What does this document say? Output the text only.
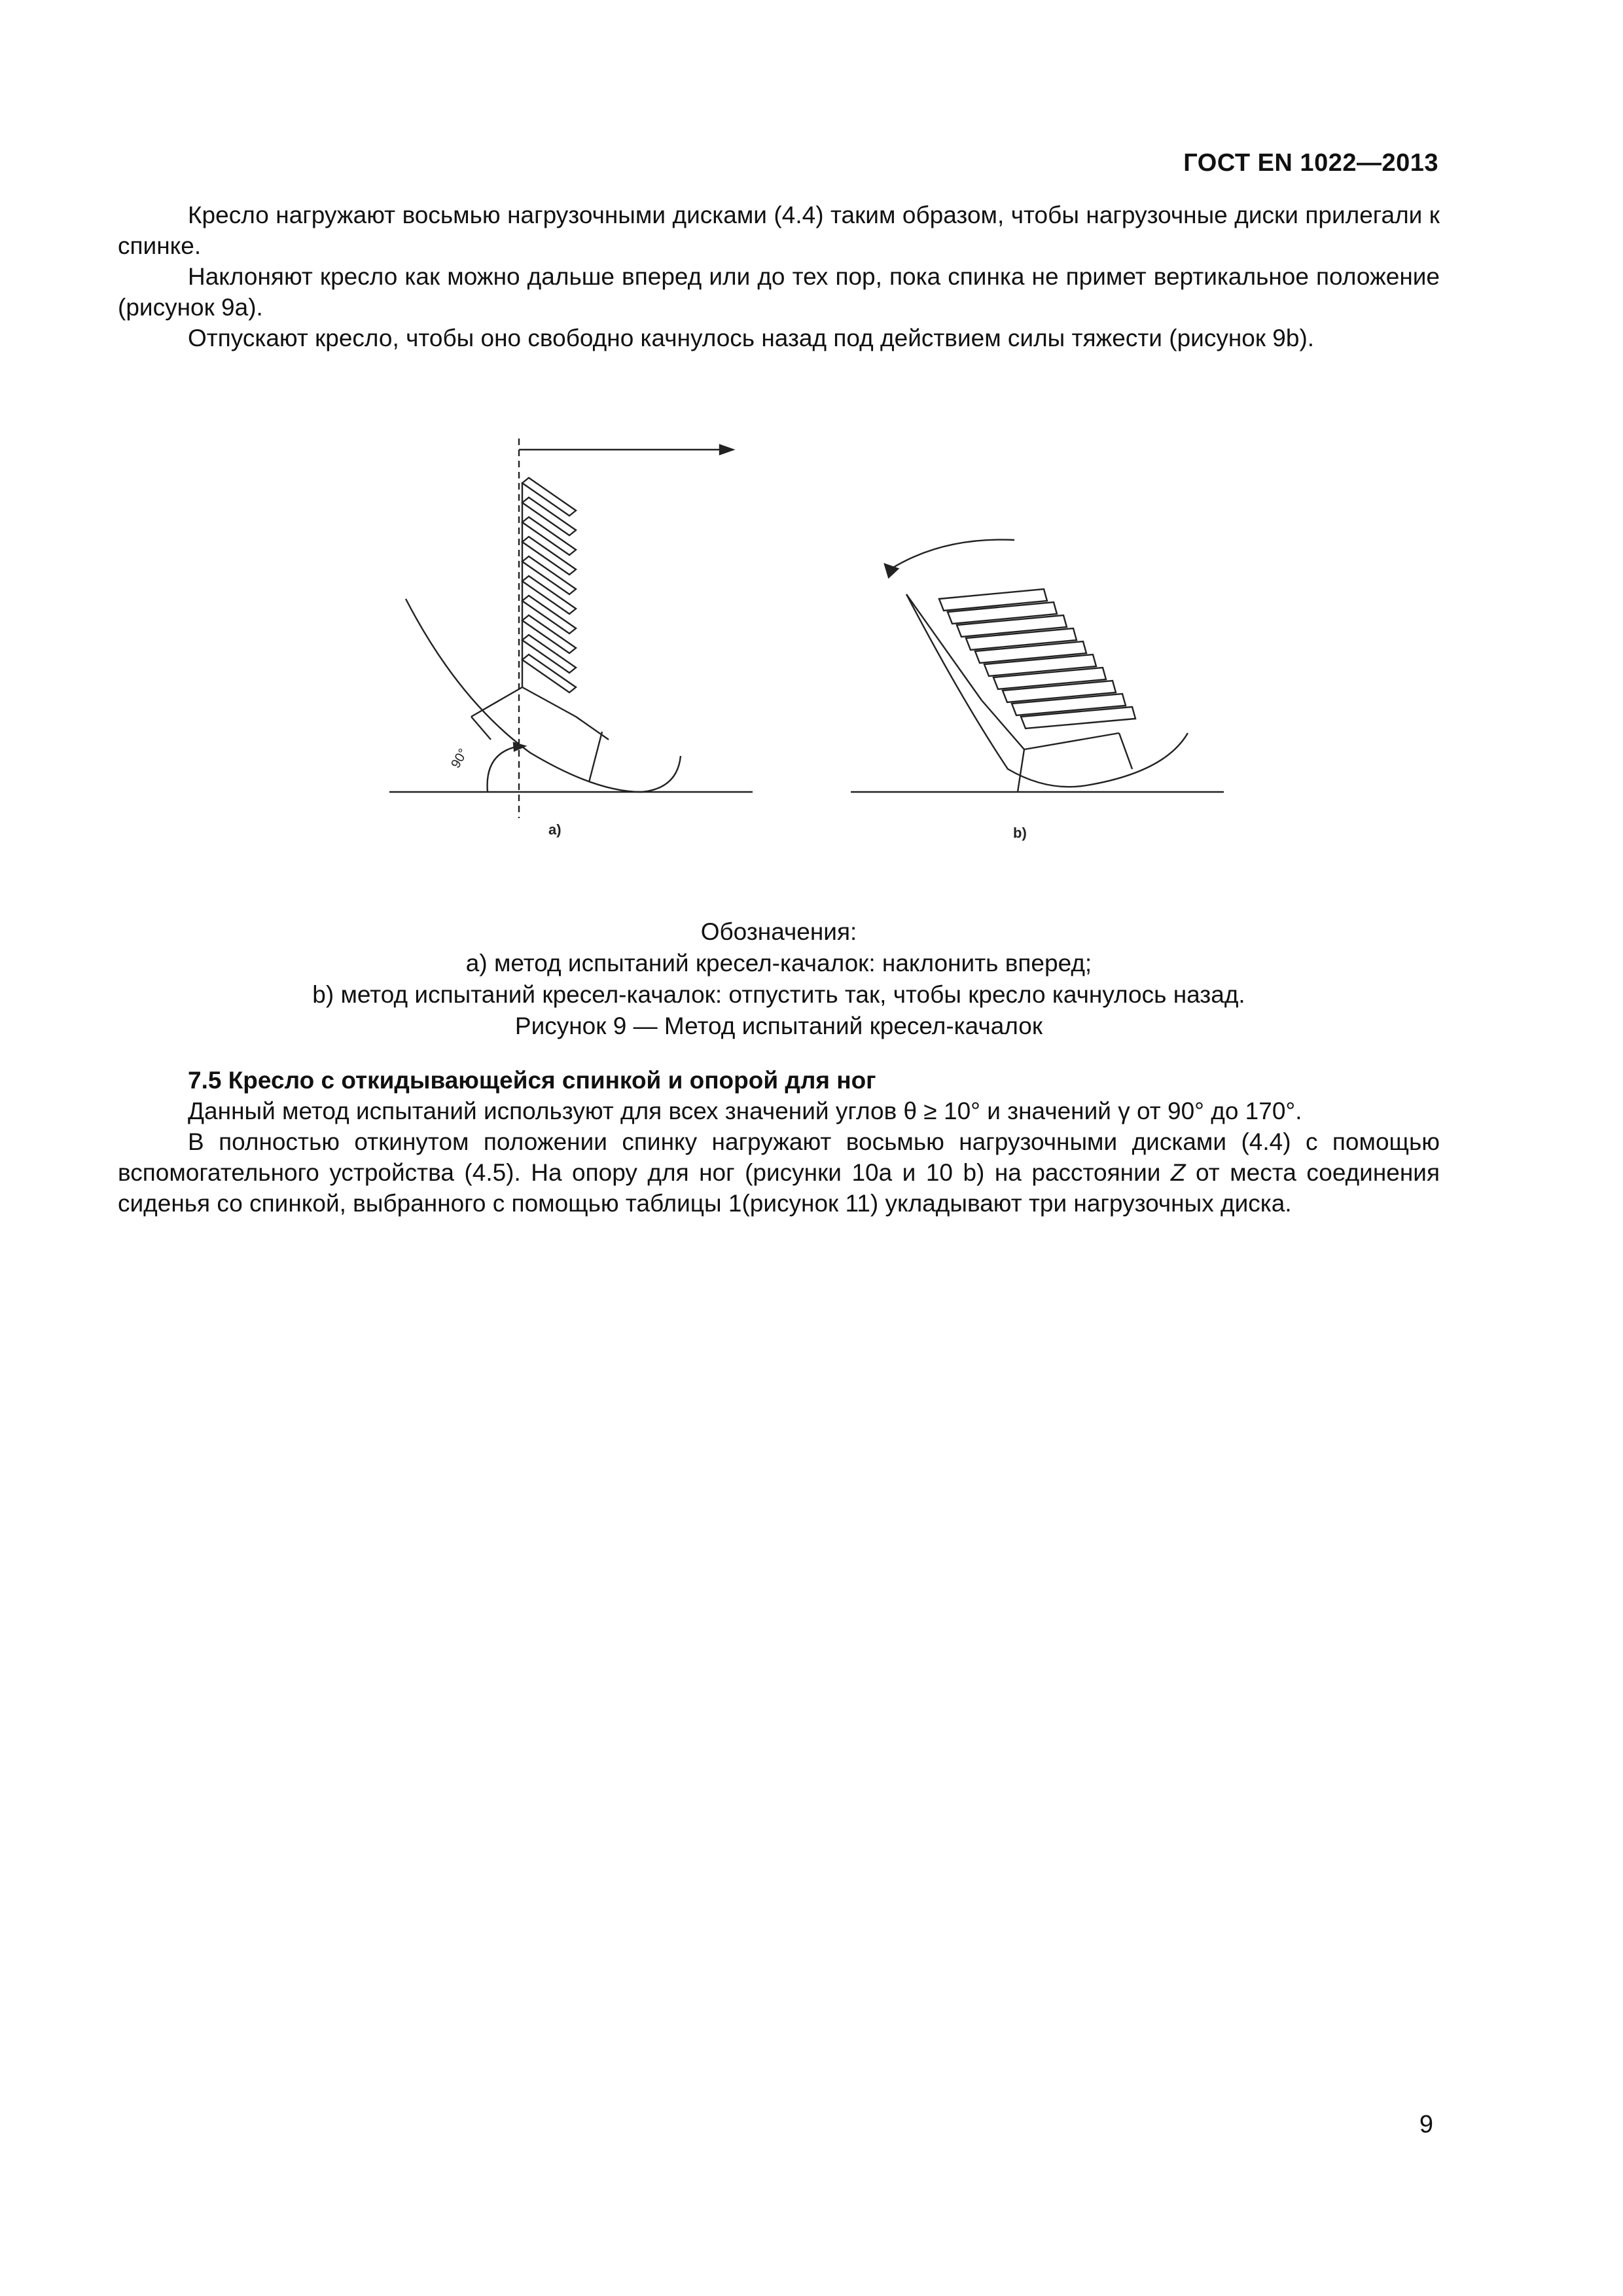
ГОСТ EN 1022—2013

Кресло нагружают восьмью нагрузочными дисками (4.4) таким образом, чтобы нагрузочные диски прилегали к спинке.

Наклоняют кресло как можно дальше вперед или до тех пор, пока спинка не примет вертикальное положение (рисунок 9а).

Отпускают кресло, чтобы оно свободно качнулось назад под действием силы тяжести (рисунок 9b).

90°
a)	b)
Обозначения:
а) метод испытаний кресел-качалок: наклонить вперед;
b) метод испытаний кресел-качалок: отпустить так, чтобы кресло качнулось назад.
Рисунок 9 — Метод испытаний кресел-качалок

7.5 Кресло с откидывающейся спинкой и опорой для ног

Данный метод испытаний используют для всех значений углов θ ≥ 10° и значений γ от 90° до 170°.

В полностью откинутом положении спинку нагружают восьмью нагрузочными дисками (4.4) с помощью вспомогательного устройства (4.5). На опору для ног (рисунки 10а и 10 b) на расстоянии Z от места соединения сиденья со спинкой, выбранного с помощью таблицы 1(рисунок 11) укладывают три нагрузочных диска.

9
